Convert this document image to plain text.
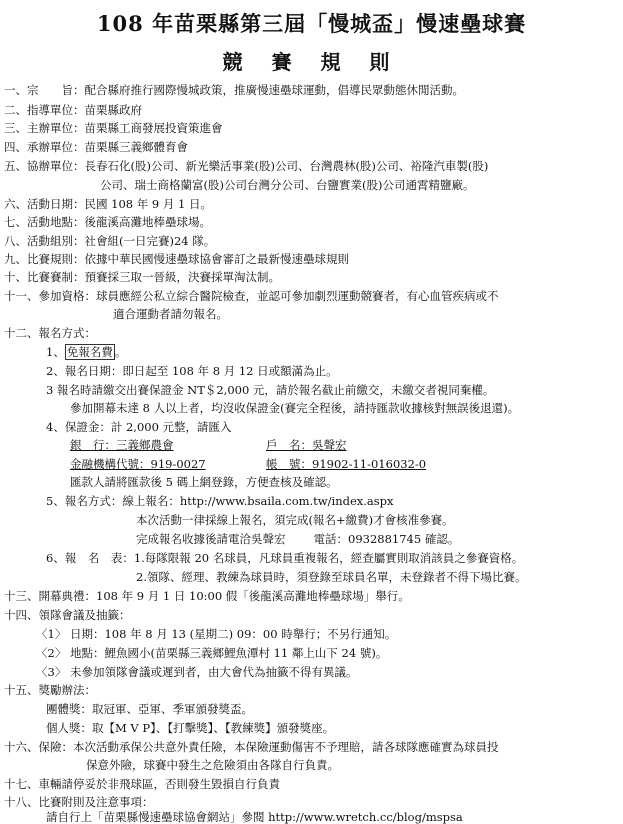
108 年苗栗縣第三屆「慢城盃」慢速壘球賽
競 賽 規 則
一、宗　　旨：配合縣府推行國際慢城政策，推廣慢速壘球運動，倡導民眾動態休閒活動。
二、指導單位：苗栗縣政府
三、主辦單位：苗栗縣工商發展投資策進會
四、承辦單位：苗栗縣三義鄉體育會
五、協辦單位：長春石化(股)公司、新光樂活事業(股)公司、台灣農林(股)公司、裕隆汽車製(股)
公司、瑞士商格蘭富(股)公司台灣分公司、台鹽實業(股)公司通霄精鹽廠。
六、活動日期：民國 108 年 9 月 1 日。
七、活動地點：後龍溪高灘地棒壘球場。
八、活動組別：社會組(一日完賽)24 隊。
九、比賽規則：依據中華民國慢速壘球協會審訂之最新慢速壘球規則
十、比賽賽制：預賽採三取一晉級，決賽採單淘汰制。
十一、參加資格：球員應經公私立綜合醫院檢查，並認可參加劇烈運動競賽者，有心血管疾病或不
適合運動者請勿報名。
十二、報名方式：
1、 免報名費 。
2、報名日期：即日起至 108 年 8 月 12 日或額滿為止。
3 報名時請繳交出賽保證金 NT＄2,000 元，請於報名截止前繳交，未繳交者視同棄權。
參加開幕未達 8 人以上者，均沒收保證金(賽完全程後，請持匯款收據核對無誤後退還)。
4、保證金：計 2,000 元整，請匯入
銀　行：三義鄉農會	戶　名：吳聲宏
金融機構代號：919-0027	帳　號：91902-11-016032-0
匯款人請將匯款後 5 碼上網登錄，方便查核及確認。
5、報名方式：線上報名：http://www.bsaila.com.tw/index.aspx
本次活動一律採線上報名，須完成(報名+繳費)才會核准參賽。
完成報名收據後請電洽吳聲宏 電話：0932881745 確認。
6、報　名　表：1.每隊限報 20 名球員，凡球員重複報名，經查屬實則取消該員之參賽資格。
2.領隊、經理、教練為球員時，須登錄至球員名單，未登錄者不得下場比賽。
十三、開幕典禮：108 年 9 月 1 日 10:00 假「後龍溪高灘地棒壘球場」舉行。
十四、領隊會議及抽籤：
〈1〉 日期：108 年 8 月 13 (星期二) 09：00 時舉行；不另行通知。
〈2〉 地點：鯉魚國小(苗栗縣三義鄉鯉魚潭村 11 鄰上山下 24 號)。
〈3〉 未參加領隊會議或遲到者，由大會代為抽籤不得有異議。
十五、獎勵辦法：
團體獎：取冠軍、亞軍、季軍頒發獎盃。
個人獎：取【M V P】、【打擊獎】、【教練獎】頒發獎座。
十六、保險：本次活動承保公共意外責任險，本保險運動傷害不予理賠，請各球隊應確實為球員投
保意外險，球賽中發生之危險須由各隊自行負責。
十七、車輛請停妥於非飛球區，否則發生毀損自行負責
十八、比賽附則及注意事項：
請自行上「苗栗縣慢速壘球協會網站」參閱 http://www.wretch.cc/blog/mspsa
